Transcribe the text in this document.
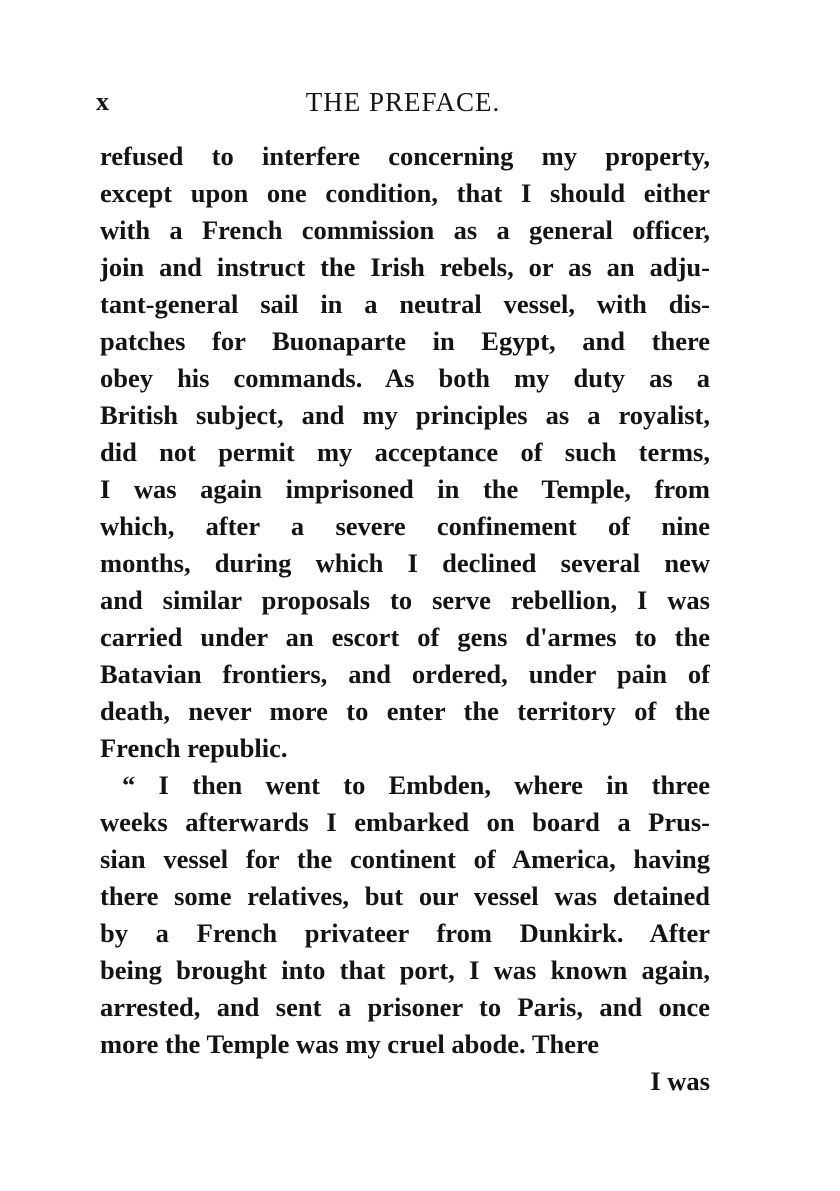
x	THE PREFACE.
refused to interfere concerning my property,
except upon one condition, that I should either
with a French commission as a general officer,
join and instruct the Irish rebels, or as an adju-
tant-general sail in a neutral vessel, with dis-
patches for Buonaparte in Egypt, and there
obey his commands. As both my duty as a
British subject, and my principles as a royalist,
did not permit my acceptance of such terms,
I was again imprisoned in the Temple, from
which, after a severe confinement of nine
months, during which I declined several new
and similar proposals to serve rebellion, I was
carried under an escort of gens d'armes to the
Batavian frontiers, and ordered, under pain of
death, never more to enter the territory of the
French republic.
“ I then went to Embden, where in three
weeks afterwards I embarked on board a Prus-
sian vessel for the continent of America, having
there some relatives, but our vessel was detained
by a French privateer from Dunkirk. After
being brought into that port, I was known again,
arrested, and sent a prisoner to Paris, and once
more the Temple was my cruel abode. There
I was
